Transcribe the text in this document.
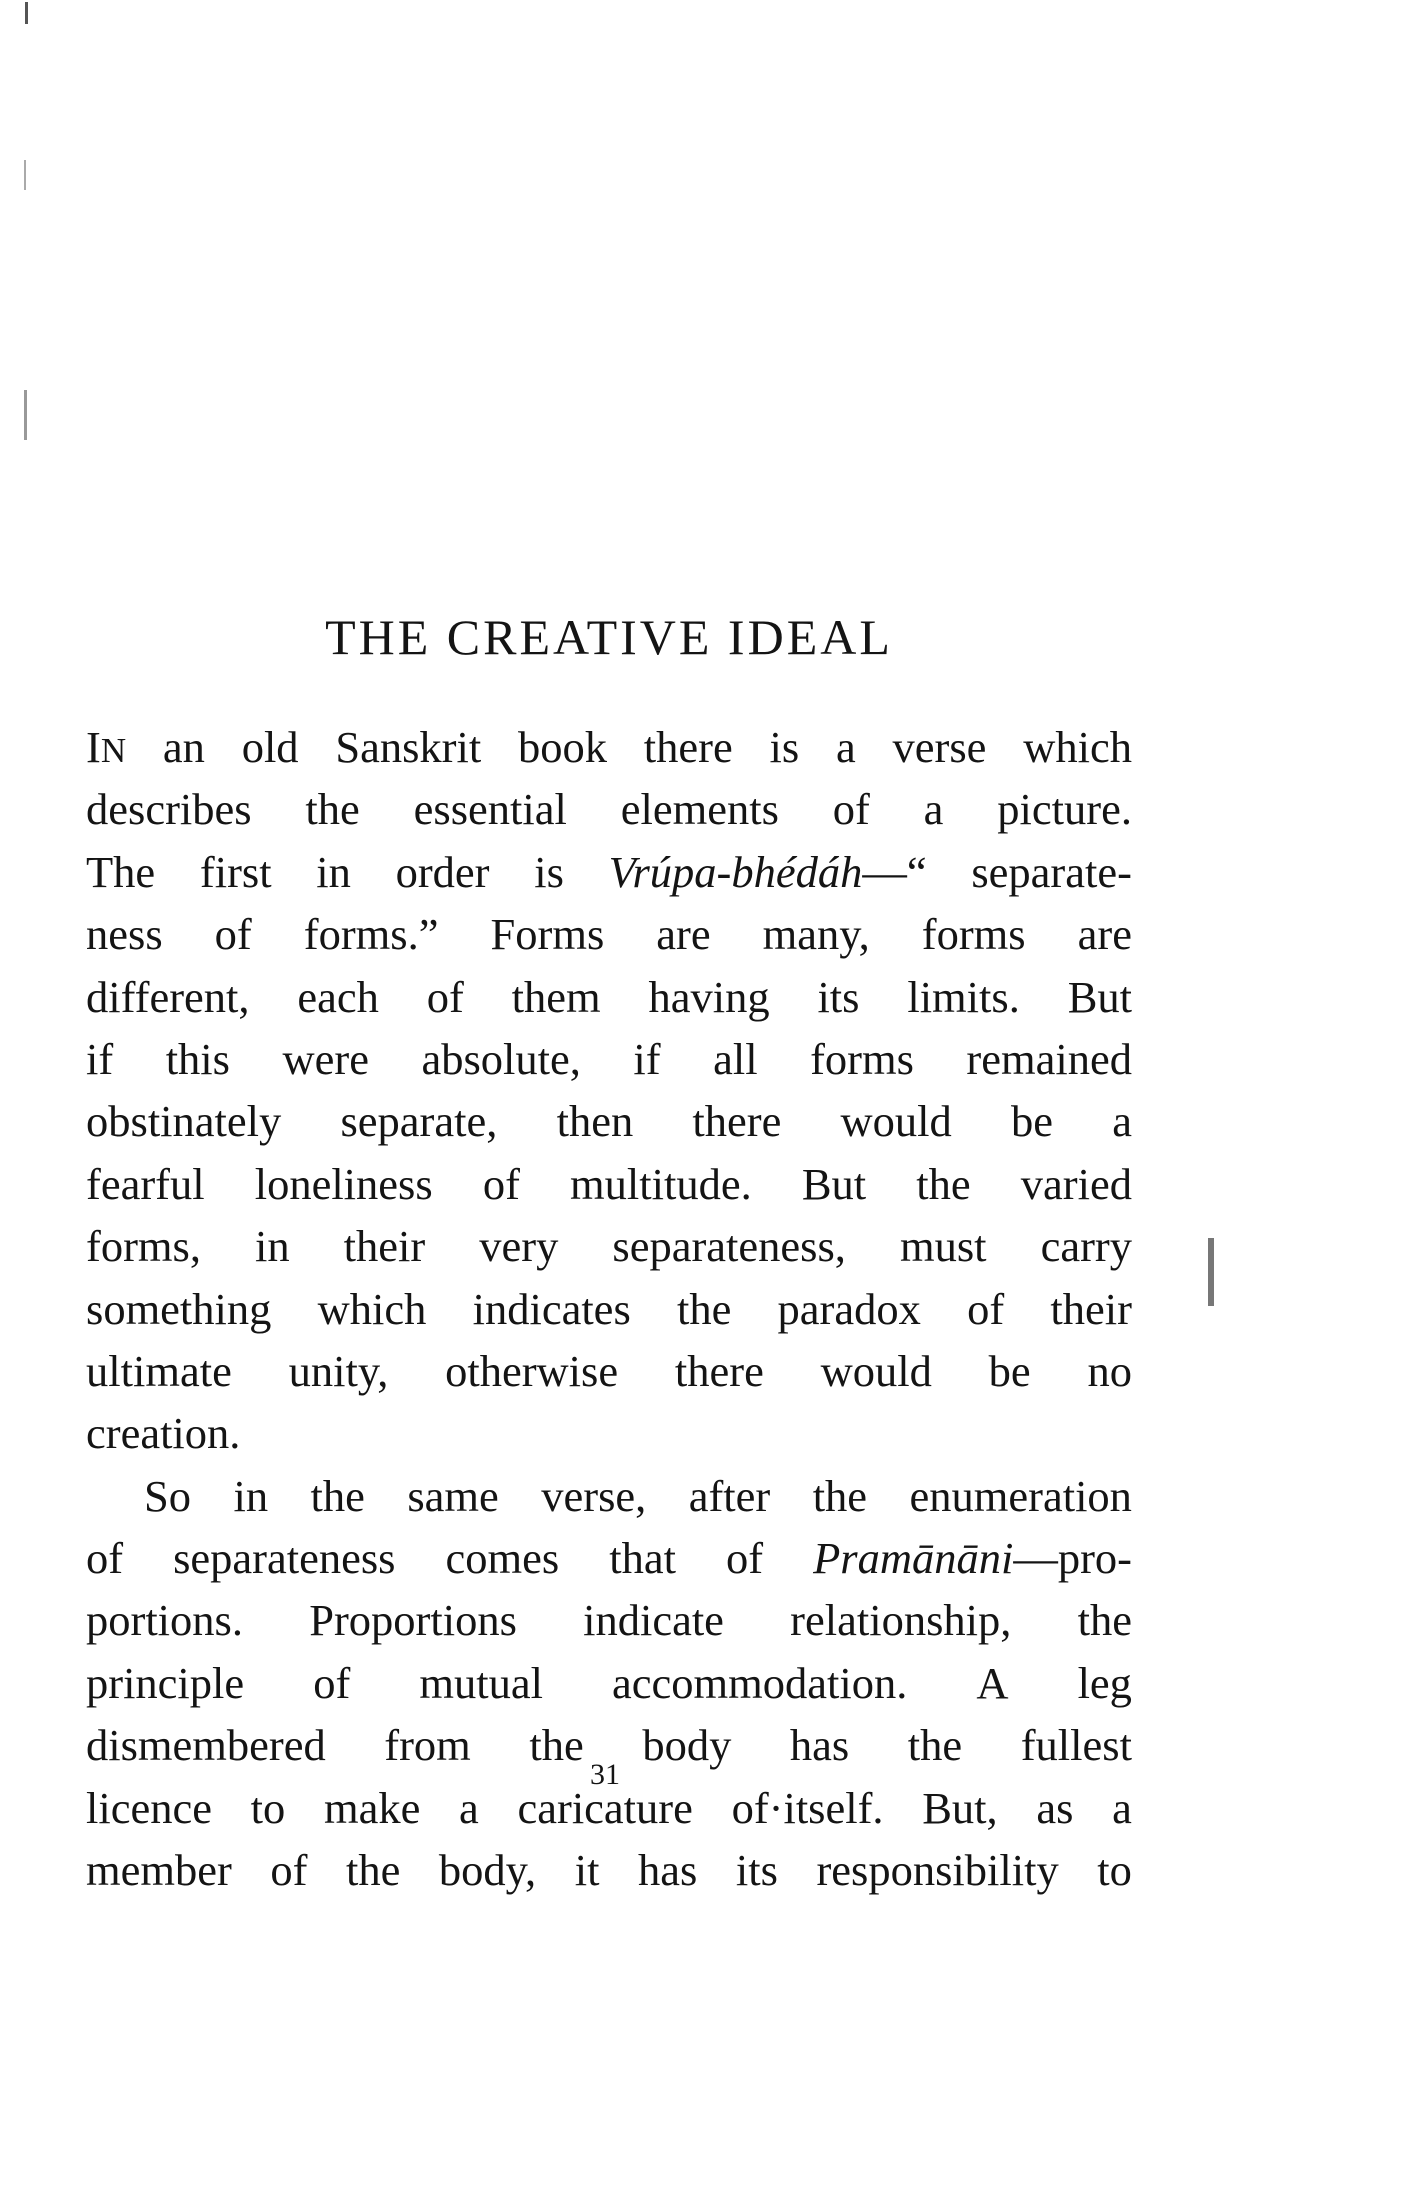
THE CREATIVE IDEAL
IN an old Sanskrit book there is a verse which
describes the essential elements of a picture.
The first in order is Vrúpa-bhédáh—“ separate-
ness of forms.” Forms are many, forms are
different, each of them having its limits. But
if this were absolute, if all forms remained
obstinately separate, then there would be a
fearful loneliness of multitude. But the varied
forms, in their very separateness, must carry
something which indicates the paradox of their
ultimate unity, otherwise there would be no
creation.
So in the same verse, after the enumeration
of separateness comes that of Pramānāni—pro-
portions. Proportions indicate relationship, the
principle of mutual accommodation. A leg
dismembered from the body has the fullest
licence to make a caricature of·itself. But, as a
member of the body, it has its responsibility to
31
